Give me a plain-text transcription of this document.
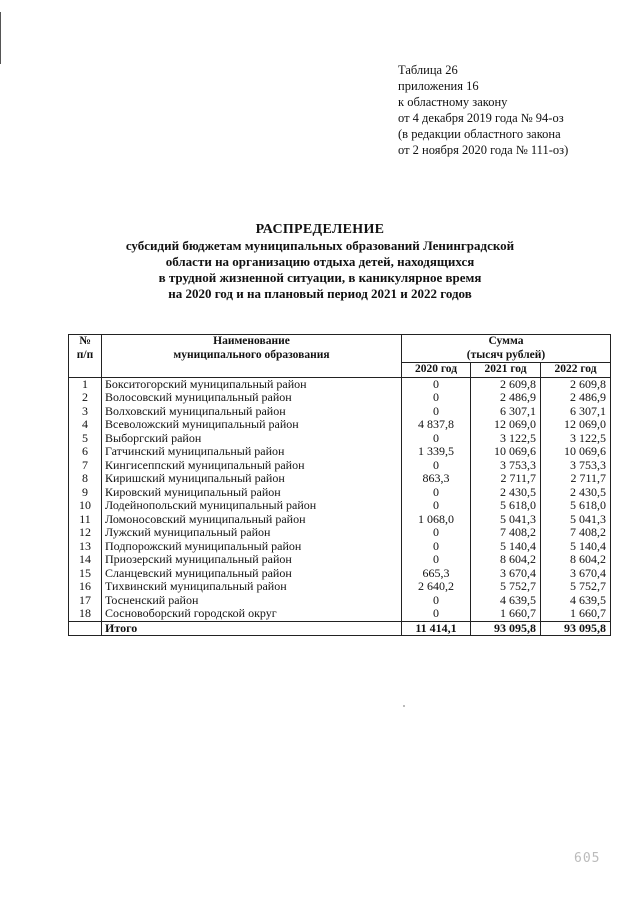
Таблица 26
приложения 16
к областному закону
от 4 декабря 2019 года № 94-оз
(в редакции областного закона
от 2 ноября 2020 года № 111-оз)
РАСПРЕДЕЛЕНИЕ
субсидий бюджетам муниципальных образований Ленинградской
области на организацию отдыха детей, находящихся
в трудной жизненной ситуации, в каникулярное время
на 2020 год и на плановый период 2021 и 2022 годов
№
п/п	Наименование
муниципального образования	Сумма
(тысяч рублей)		
		2020 год	2021 год	2022 год
1	Бокситогорский муниципальный район	0	2 609,8	2 609,8
2	Волосовский муниципальный район	0	2 486,9	2 486,9
3	Волховский муниципальный район	0	6 307,1	6 307,1
4	Всеволожский муниципальный район	4 837,8	12 069,0	12 069,0
5	Выборгский район	0	3 122,5	3 122,5
6	Гатчинский муниципальный район	1 339,5	10 069,6	10 069,6
7	Кингисеппский муниципальный район	0	3 753,3	3 753,3
8	Киришский муниципальный район	863,3	2 711,7	2 711,7
9	Кировский муниципальный район	0	2 430,5	2 430,5
10	Лодейнопольский муниципальный район	0	5 618,0	5 618,0
11	Ломоносовский муниципальный район	1 068,0	5 041,3	5 041,3
12	Лужский муниципальный район	0	7 408,2	7 408,2
13	Подпорожский муниципальный район	0	5 140,4	5 140,4
14	Приозерский муниципальный район	0	8 604,2	8 604,2
15	Сланцевский муниципальный район	665,3	3 670,4	3 670,4
16	Тихвинский муниципальный район	2 640,2	5 752,7	5 752,7
17	Тосненский район	0	4 639,5	4 639,5
18	Сосновоборский городской округ	0	1 660,7	1 660,7
	Итого	11 414,1	93 095,8	93 095,8
605
